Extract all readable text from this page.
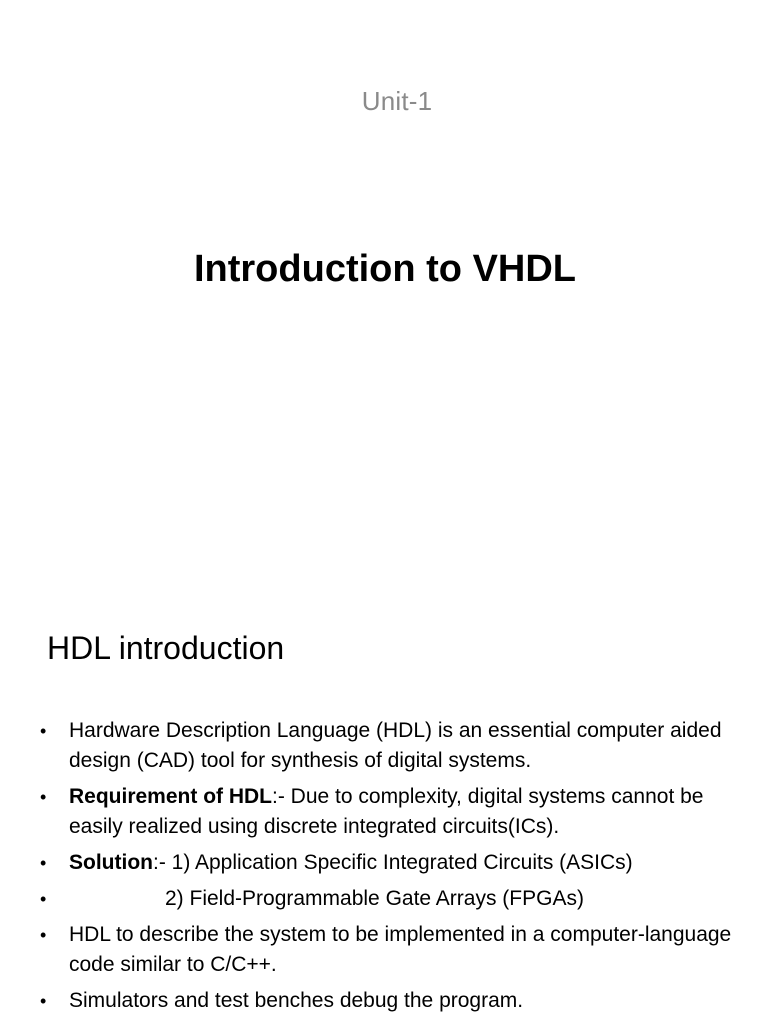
Unit-1
Introduction to VHDL
HDL introduction
• Hardware Description Language (HDL) is an essential computer aided design (CAD) tool for synthesis of digital systems.
• Requirement of HDL:- Due to complexity, digital systems cannot be easily realized using discrete integrated circuits(ICs).
• Solution:- 1) Application Specific Integrated Circuits (ASICs)
•	2) Field-Programmable Gate Arrays (FPGAs)
• HDL to describe the system to be implemented in a computer-language code similar to C/C++.
• Simulators and test benches debug the program.
